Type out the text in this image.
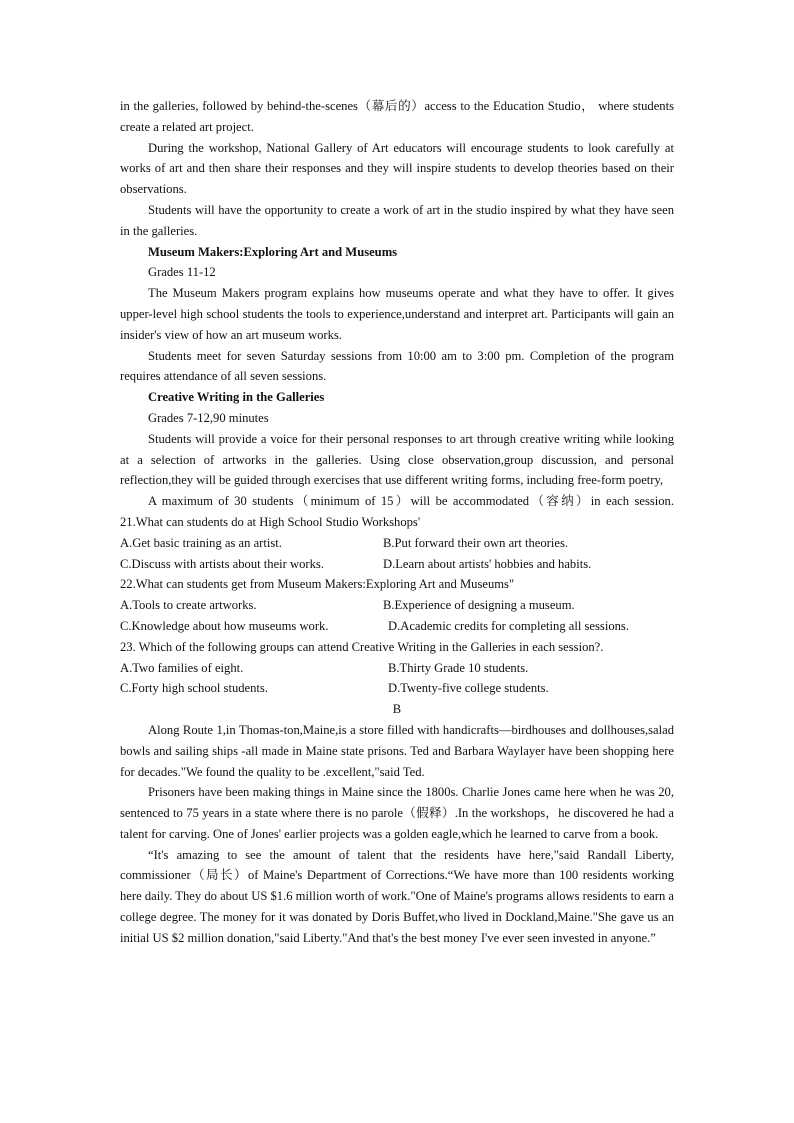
in the galleries, followed by behind-the-scenes（幕后的）access to the Education Studio， where students create a related art project.

During the workshop, National Gallery of Art educators will encourage students to look carefully at works of art and then share their responses and they will inspire students to develop theories based on their observations.

Students will have the opportunity to create a work of art in the studio inspired by what they have seen in the galleries.

Museum Makers:Exploring Art and Museums

Grades 11-12

The Museum Makers program explains how museums operate and what they have to offer. It gives upper-level high school students the tools to experience,understand and interpret art. Participants will gain an insider's view of how an art museum works.

Students meet for seven Saturday sessions from 10:00 am to 3:00 pm. Completion of the program requires attendance of all seven sessions.

Creative Writing in the Galleries

Grades 7-12,90 minutes

Students will provide a voice for their personal responses to art through creative writing while looking at a selection of artworks in the galleries. Using close observation,group discussion, and personal reflection,they will be guided through exercises that use different writing forms, including free-form poetry,

A maximum of 30 students（minimum of 15）will be accommodated（容纳）in each session. 21.What can students do at High School Studio Workshops'

A.Get basic training as an artist.	B.Put forward their own art theories.
C.Discuss with artists about their works.	D.Learn about artists' hobbies and habits.

22.What can students get from Museum Makers:Exploring Art and Museums"

A.Tools to create artworks.	B.Experience of designing a museum.
C.Knowledge about how museums work.	D.Academic credits for completing all sessions.

23. Which of the following groups can attend Creative Writing in the Galleries in each session?.

A.Two families of eight.	B.Thirty Grade 10 students.
C.Forty high school students.	D.Twenty-five college students.

B

Along Route 1,in Thomas-ton,Maine,is a store filled with handicrafts—birdhouses and dollhouses,salad bowls and sailing ships -all made in Maine state prisons. Ted and Barbara Waylayer have been shopping here for decades."We found the quality to be .excellent,"said Ted.

Prisoners have been making things in Maine since the 1800s. Charlie Jones came here when he was 20, sentenced to 75 years in a state where there is no parole（假释）.In the workshops，he discovered he had a talent for carving. One of Jones' earlier projects was a golden eagle,which he learned to carve from a book.

“It's amazing to see the amount of talent that the residents have here,"said Randall Liberty, commissioner（局长）of Maine's Department of Corrections.“We have more than 100 residents working here daily. They do about US $1.6 million worth of work."One of Maine's programs allows residents to earn a college degree. The money for it was donated by Doris Buffet,who lived in Dockland,Maine."She gave us an initial US $2 million donation,"said Liberty."And that's the best money I've ever seen invested in anyone.”
